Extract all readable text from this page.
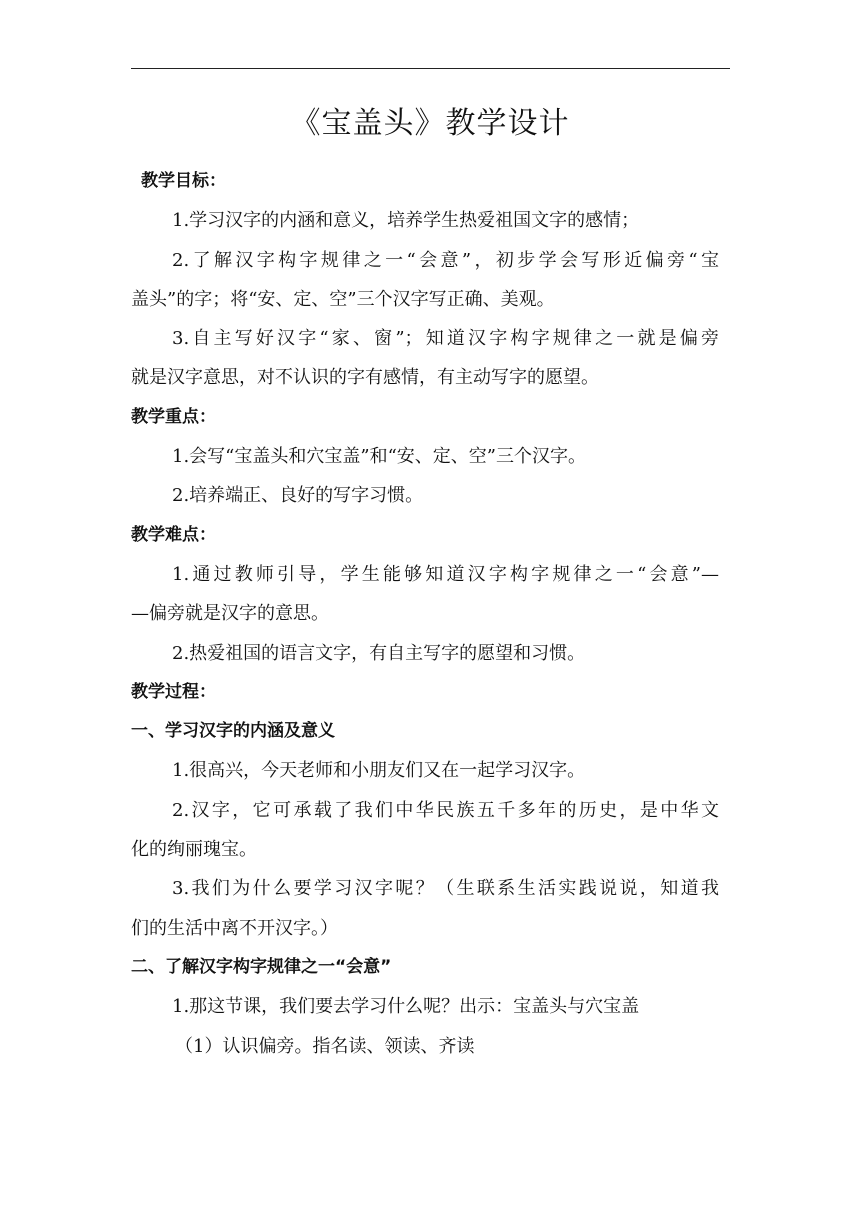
《宝盖头》教学设计
教学目标：
1.学习汉字的内涵和意义，培养学生热爱祖国文字的感情；
2.了解汉字构字规律之一“会意”，初步学会写形近偏旁“宝
盖头”的字；将“安、定、空”三个汉字写正确、美观。
3.自主写好汉字“家、窗”；知道汉字构字规律之一就是偏旁
就是汉字意思，对不认识的字有感情，有主动写字的愿望。
教学重点：
1.会写“宝盖头和穴宝盖”和“安、定、空”三个汉字。
2.培养端正、良好的写字习惯。
教学难点：
1.通过教师引导，学生能够知道汉字构字规律之一“会意”—
—偏旁就是汉字的意思。
2.热爱祖国的语言文字，有自主写字的愿望和习惯。
教学过程：
一、学习汉字的内涵及意义
1.很高兴，今天老师和小朋友们又在一起学习汉字。
2.汉字，它可承载了我们中华民族五千多年的历史，是中华文
化的绚丽瑰宝。
3.我们为什么要学习汉字呢？（生联系生活实践说说，知道我
们的生活中离不开汉字。）
二、了解汉字构字规律之一“会意”
1.那这节课，我们要去学习什么呢？出示：宝盖头与穴宝盖
（1）认识偏旁。指名读、领读、齐读
